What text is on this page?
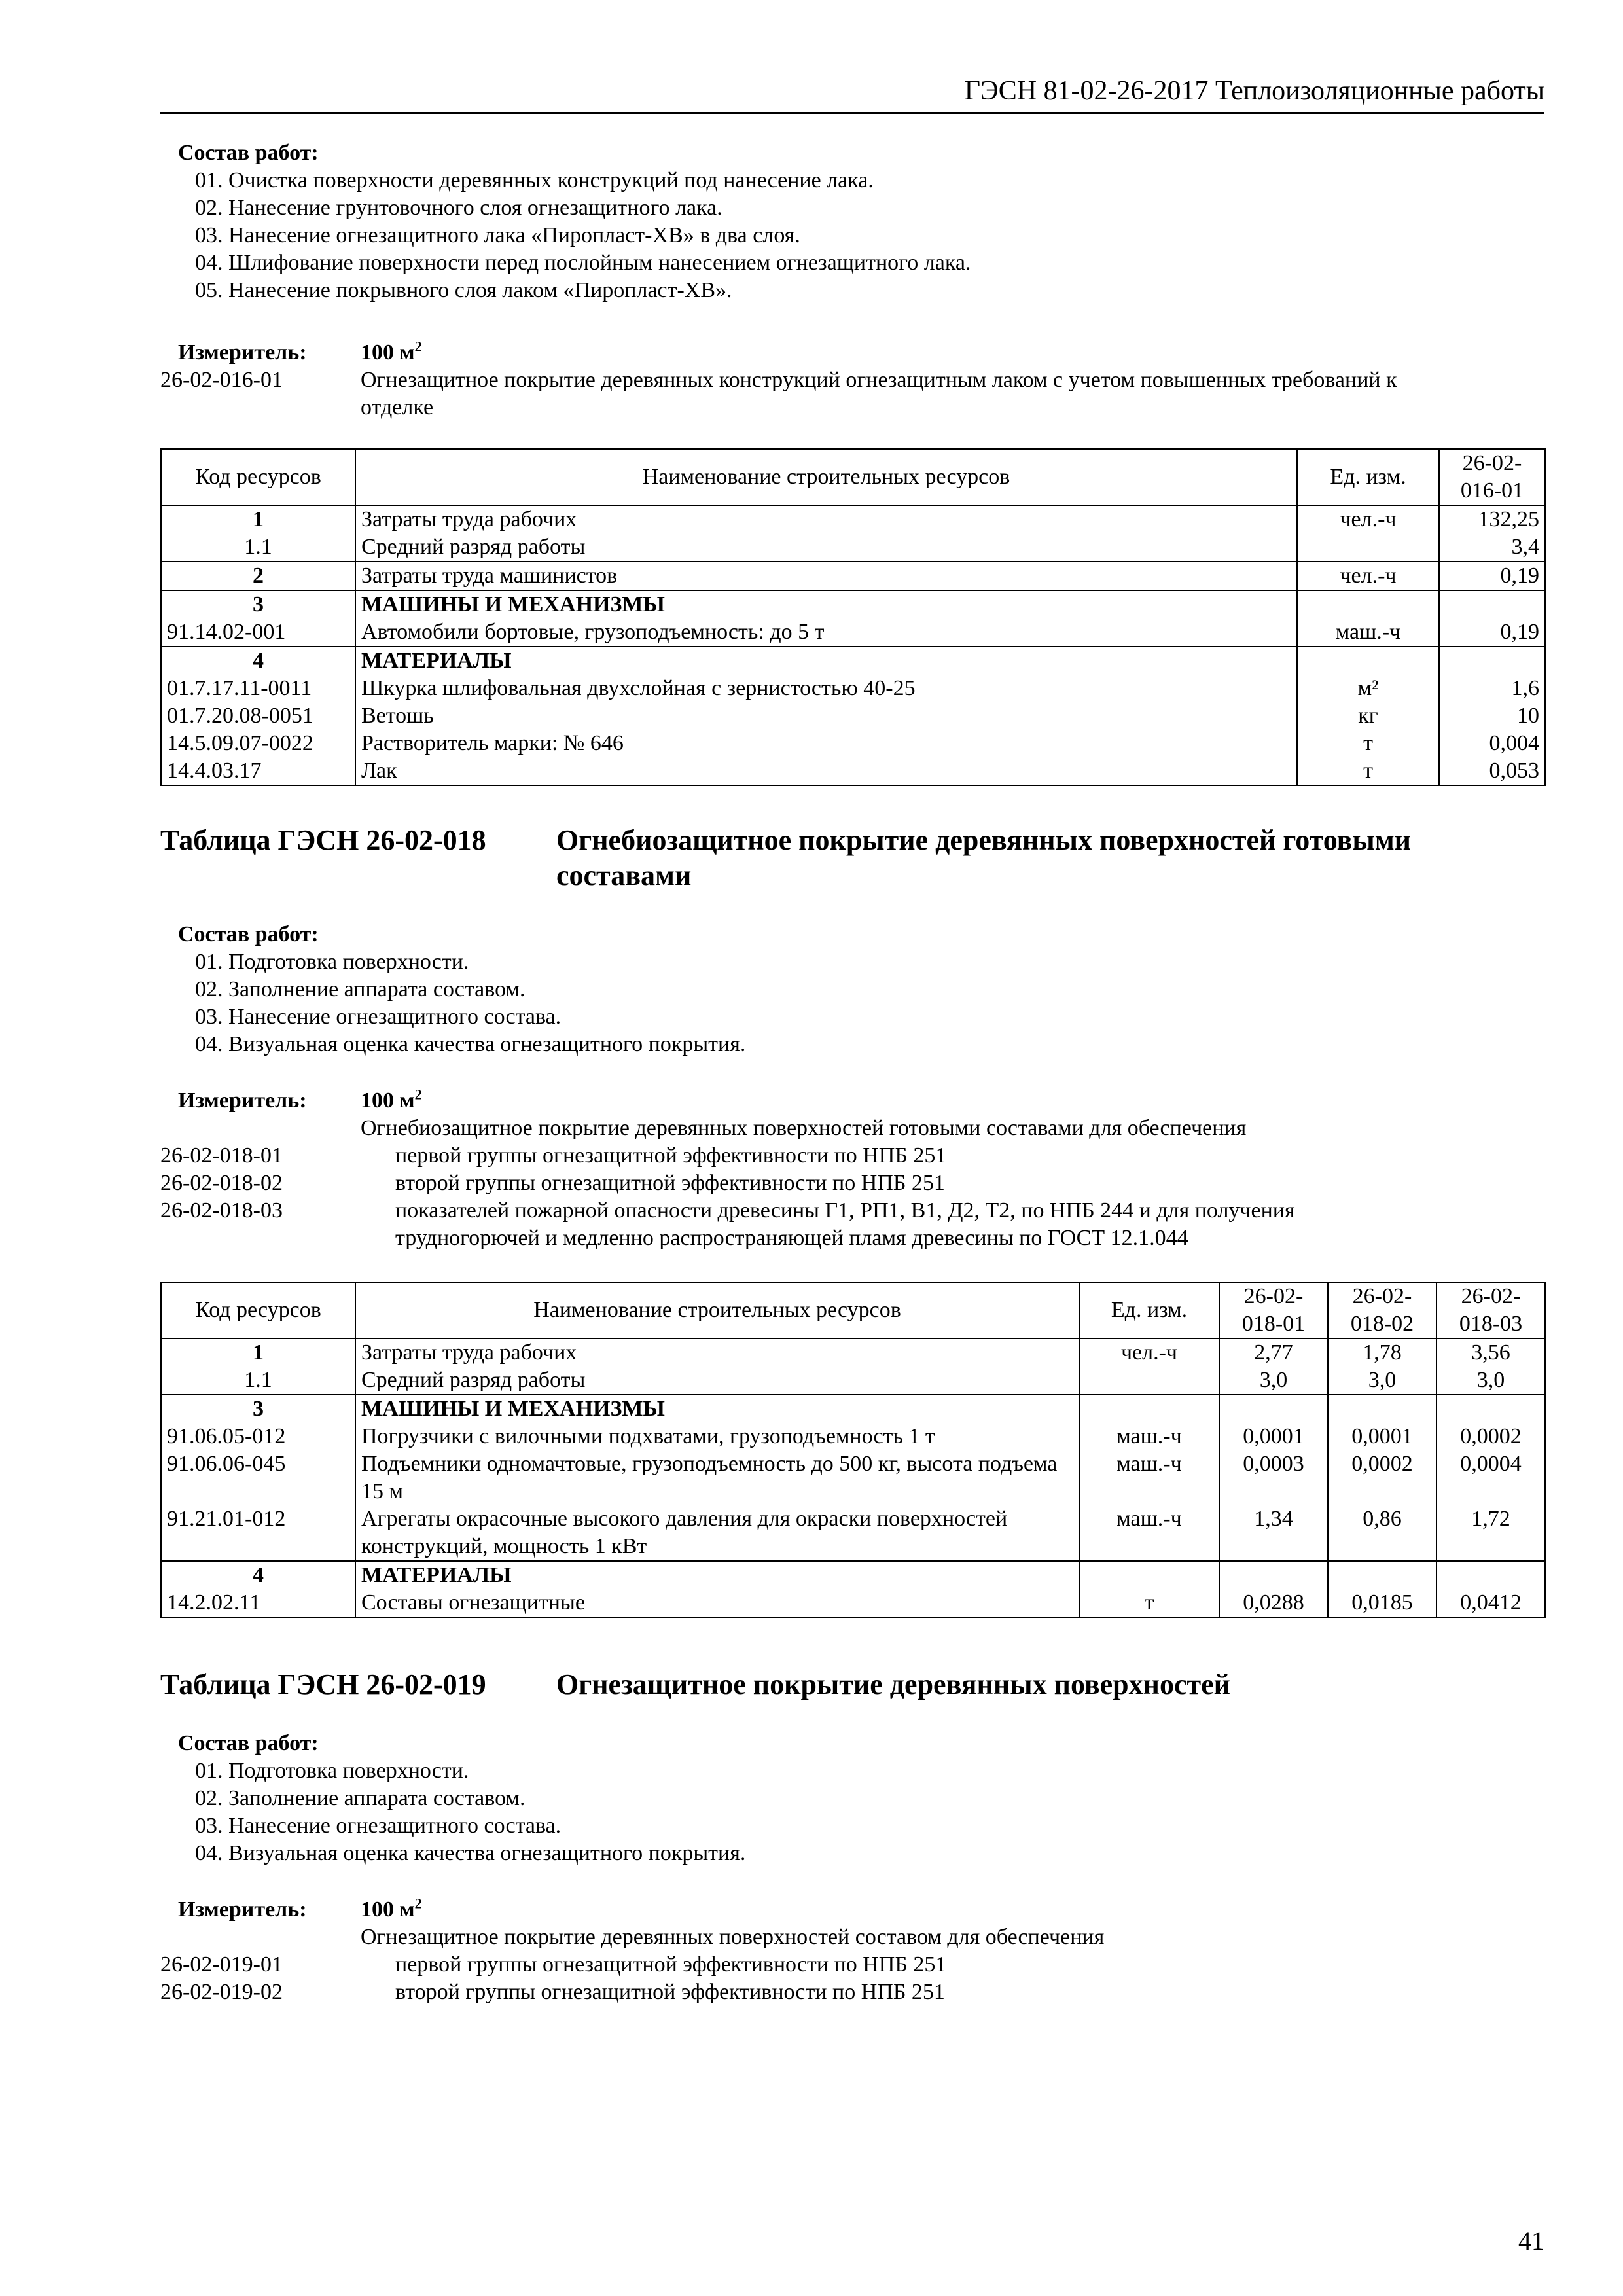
ГЭСН 81-02-26-2017 Теплоизоляционные работы
Состав работ:
01. Очистка поверхности деревянных конструкций под нанесение лака.
02. Нанесение грунтовочного слоя огнезащитного лака.
03. Нанесение огнезащитного лака «Пиропласт-ХВ» в два слоя.
04. Шлифование поверхности перед послойным нанесением огнезащитного лака.
05. Нанесение покрывного слоя лаком «Пиропласт-ХВ».
Измеритель: 100 $м^2$
26-02-016-01	Огнезащитное покрытие деревянных конструкций огнезащитным лаком с учетом повышенных требований к
отделке
Код ресурсов	Наименование строительных ресурсов	Ед. изм.	26-02-016-01
1	Затраты труда рабочих	чел.-ч	132,25
1.1	Средний разряд работы		3,4
2	Затраты труда машинистов	чел.-ч	0,19
3	МАШИНЫ И МЕХАНИЗМЫ		
91.14.02-001	Автомобили бортовые, грузоподъемность: до 5 т	маш.-ч	0,19
4	МАТЕРИАЛЫ		
01.7.17.11-0011	Шкурка шлифовальная двухслойная с зернистостью 40-25	м²	1,6
01.7.20.08-0051	Ветошь	кг	10
14.5.09.07-0022	Растворитель марки: № 646	т	0,004
14.4.03.17	Лак	т	0,053
Таблица ГЭСН 26-02-018 Огнебиозащитное покрытие деревянных поверхностей готовыми
составами
Состав работ:
01. Подготовка поверхности.
02. Заполнение аппарата составом.
03. Нанесение огнезащитного состава.
04. Визуальная оценка качества огнезащитного покрытия.
Измеритель: 100 $м^2$
Огнебиозащитное покрытие деревянных поверхностей готовыми составами для обеспечения
26-02-018-01	первой группы огнезащитной эффективности по НПБ 251
26-02-018-02	второй группы огнезащитной эффективности по НПБ 251
26-02-018-03	показателей пожарной опасности древесины Г1, РП1, В1, Д2, Т2, по НПБ 244 и для получения
трудногорючей и медленно распространяющей пламя древесины по ГОСТ 12.1.044
Код ресурсов	Наименование строительных ресурсов	Ед. изм.	26-02-018-01	26-02-018-02	26-02-018-03
1	Затраты труда рабочих	чел.-ч	2,77	1,78	3,56
1.1	Средний разряд работы		3,0	3,0	3,0
3	МАШИНЫ И МЕХАНИЗМЫ				
91.06.05-012	Погрузчики с вилочными подхватами, грузоподъемность 1 т	маш.-ч	0,0001	0,0001	0,0002
91.06.06-045	Подъемники одномачтовые, грузоподъемность до 500 кг, высота подъема 15 м	маш.-ч	0,0003	0,0002	0,0004
91.21.01-012	Агрегаты окрасочные высокого давления для окраски поверхностей конструкций, мощность 1 кВт	маш.-ч	1,34	0,86	1,72
4	МАТЕРИАЛЫ				
14.2.02.11	Составы огнезащитные	т	0,0288	0,0185	0,0412
Таблица ГЭСН 26-02-019 Огнезащитное покрытие деревянных поверхностей
Состав работ:
01. Подготовка поверхности.
02. Заполнение аппарата составом.
03. Нанесение огнезащитного состава.
04. Визуальная оценка качества огнезащитного покрытия.
Измеритель: 100 $м^2$
Огнезащитное покрытие деревянных поверхностей составом для обеспечения
26-02-019-01	первой группы огнезащитной эффективности по НПБ 251
26-02-019-02	второй группы огнезащитной эффективности по НПБ 251
41
